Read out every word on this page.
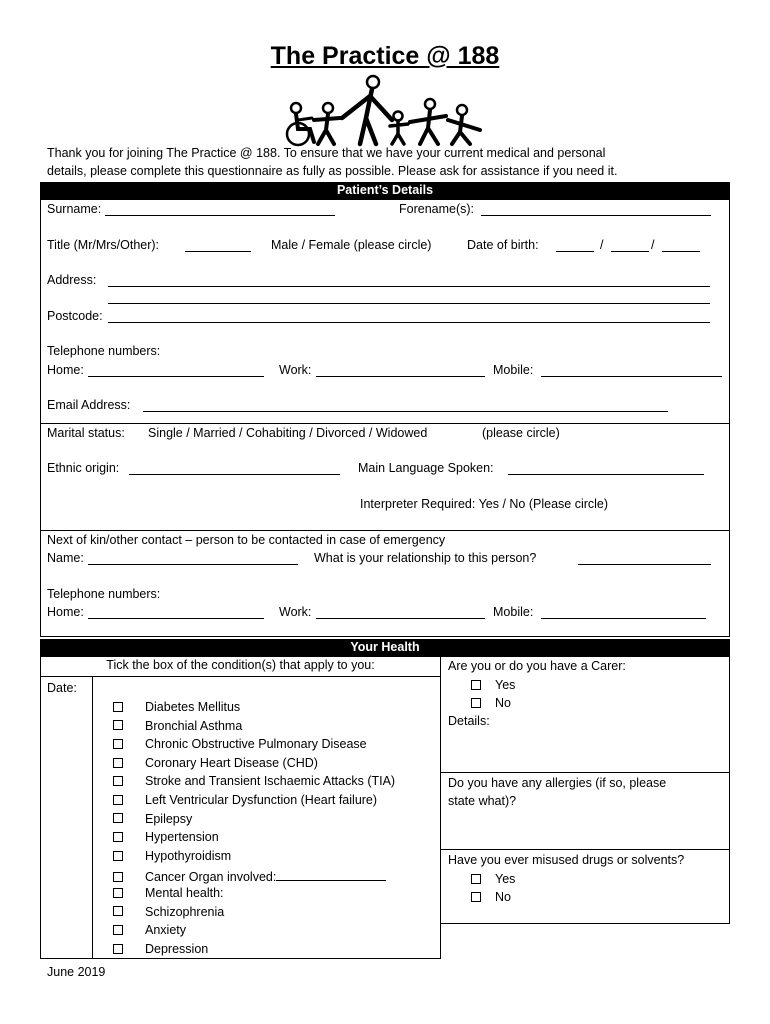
The Practice @ 188
Thank you for joining The Practice @ 188. To ensure that we have your current medical and personal
details, please complete this questionnaire as fully as possible. Please ask for assistance if you need it.
Patient’s Details
Surname:	Forename(s):
Title (Mr/Mrs/Other):	Male / Female (please circle)	Date of birth:	/	/
Address:
Postcode:
Telephone numbers:
Home:	Work:	Mobile:
Email Address:
Marital status: Single / Married / Cohabiting / Divorced / Widowed	(please circle)
Ethnic origin:	Main Language Spoken:
Interpreter Required: Yes / No (Please circle)
Next of kin/other contact – person to be contacted in case of emergency
Name:	What is your relationship to this person?
Telephone numbers:
Home:	Work:	Mobile:
Your Health
Tick the box of the condition(s) that apply to you:
Date:
Diabetes Mellitus
Bronchial Asthma
Chronic Obstructive Pulmonary Disease
Coronary Heart Disease (CHD)
Stroke and Transient Ischaemic Attacks (TIA)
Left Ventricular Dysfunction (Heart failure)
Epilepsy
Hypertension
Hypothyroidism
Cancer Organ involved:
Mental health:
Schizophrenia
Anxiety
Depression
Are you or do you have a Carer:
Yes
No
Details:
Do you have any allergies (if so, please
state what)?
Have you ever misused drugs or solvents?
Yes
No
June 2019
